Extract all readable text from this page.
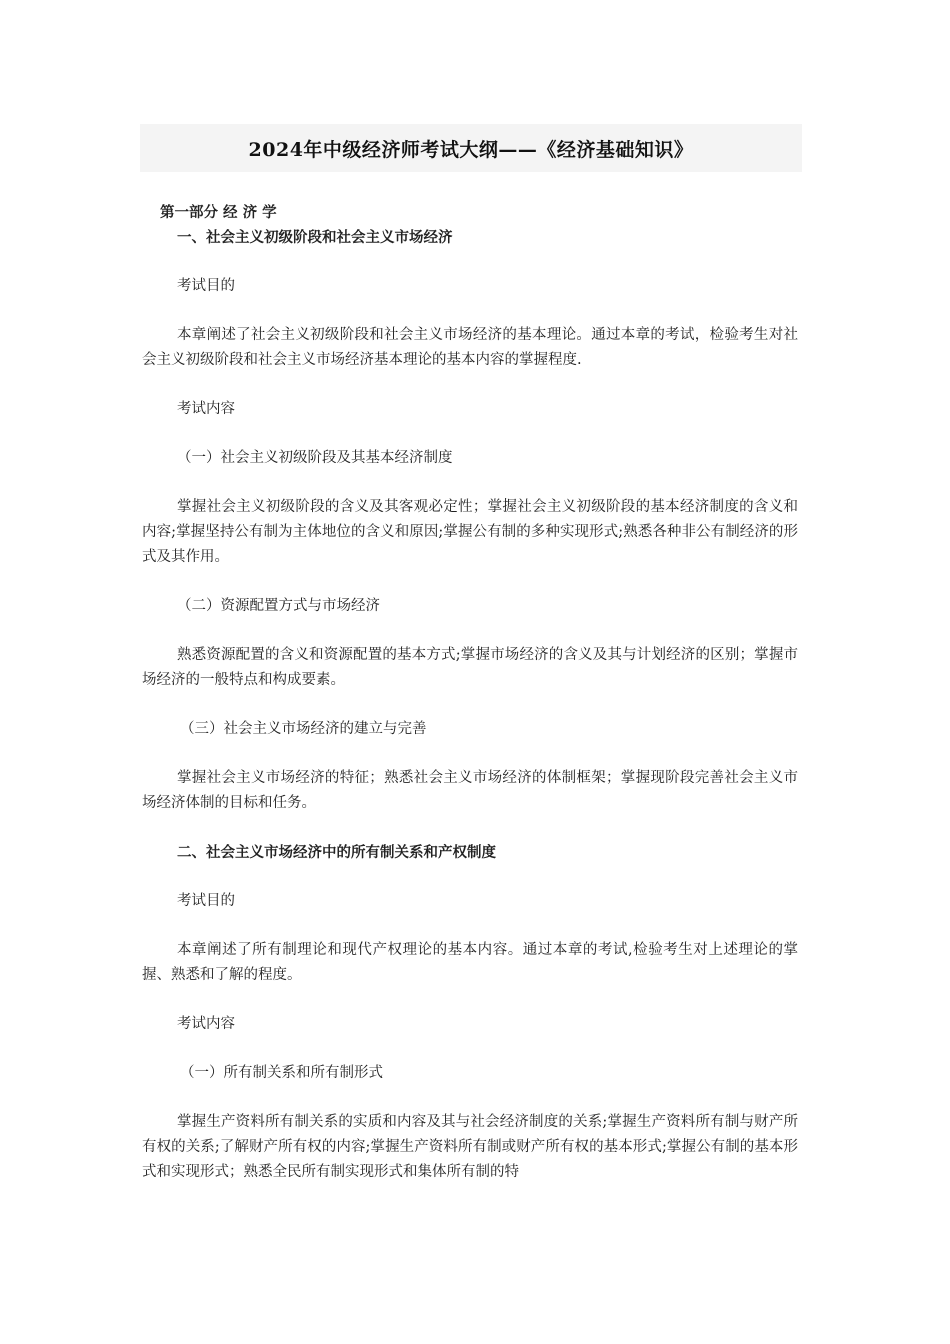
2024年中级经济师考试大纲——《经济基础知识》

第一部分 经 济 学

一、社会主义初级阶段和社会主义市场经济

考试目的

本章阐述了社会主义初级阶段和社会主义市场经济的基本理论。通过本章的考试，检验考生对社会主义初级阶段和社会主义市场经济基本理论的基本内容的掌握程度.

考试内容

（一）社会主义初级阶段及其基本经济制度

掌握社会主义初级阶段的含义及其客观必定性；掌握社会主义初级阶段的基本经济制度的含义和内容;掌握坚持公有制为主体地位的含义和原因;掌握公有制的多种实现形式;熟悉各种非公有制经济的形式及其作用。

（二）资源配置方式与市场经济

熟悉资源配置的含义和资源配置的基本方式;掌握市场经济的含义及其与计划经济的区别；掌握市场经济的一般特点和构成要素。

（三）社会主义市场经济的建立与完善

掌握社会主义市场经济的特征；熟悉社会主义市场经济的体制框架；掌握现阶段完善社会主义市场经济体制的目标和任务。

二、社会主义市场经济中的所有制关系和产权制度

考试目的

本章阐述了所有制理论和现代产权理论的基本内容。通过本章的考试,检验考生对上述理论的掌握、熟悉和了解的程度。

考试内容

（一）所有制关系和所有制形式

掌握生产资料所有制关系的实质和内容及其与社会经济制度的关系;掌握生产资料所有制与财产所有权的关系;了解财产所有权的内容;掌握生产资料所有制或财产所有权的基本形式;掌握公有制的基本形式和实现形式；熟悉全民所有制实现形式和集体所有制的特
